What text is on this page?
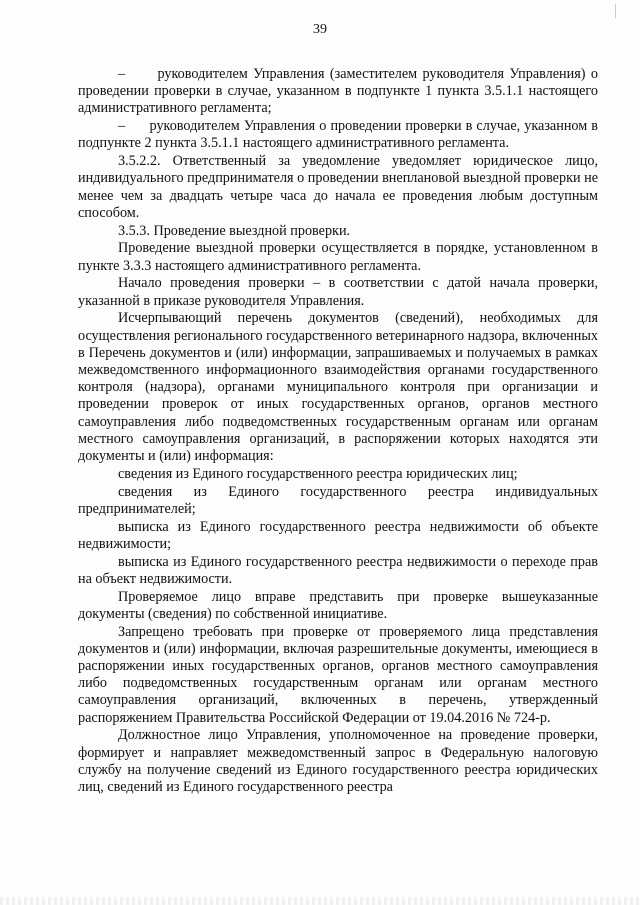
39

–      руководителем Управления (заместителем руководителя Управления) о проведении проверки в случае, указанном в подпункте 1 пункта 3.5.1.1 настоящего административного регламента;

–      руководителем Управления о проведении проверки в случае, указанном в подпункте 2 пункта 3.5.1.1 настоящего административного регламента.

3.5.2.2. Ответственный за уведомление уведомляет юридическое лицо, индивидуального предпринимателя о проведении внеплановой выездной проверки не менее чем за двадцать четыре часа до начала ее проведения любым доступным способом.

3.5.3. Проведение выездной проверки.

Проведение выездной проверки осуществляется в порядке, установленном в пункте 3.3.3 настоящего административного регламента.

Начало проведения проверки – в соответствии с датой начала проверки, указанной в приказе руководителя Управления.

Исчерпывающий перечень документов (сведений), необходимых для осуществления регионального государственного ветеринарного надзора, включенных в Перечень документов и (или) информации, запрашиваемых и получаемых в рамках межведомственного информационного взаимодействия органами государственного контроля (надзора), органами муниципального контроля при организации и проведении проверок от иных государственных органов, органов местного самоуправления либо подведомственных государственным органам или органам местного самоуправления организаций, в распоряжении которых находятся эти документы и (или) информация:

сведения из Единого государственного реестра юридических лиц;

сведения из Единого государственного реестра индивидуальных предпринимателей;

выписка из Единого государственного реестра недвижимости об объекте недвижимости;

выписка из Единого государственного реестра недвижимости о переходе прав на объект недвижимости.

Проверяемое лицо вправе представить при проверке вышеуказанные документы (сведения) по собственной инициативе.

Запрещено требовать при проверке от проверяемого лица представления документов и (или) информации, включая разрешительные документы, имеющиеся в распоряжении иных государственных органов, органов местного самоуправления либо подведомственных государственным органам или органам местного самоуправления организаций, включенных в перечень, утвержденный распоряжением Правительства Российской Федерации от 19.04.2016 № 724-р.

Должностное лицо Управления, уполномоченное на проведение проверки, формирует и направляет межведомственный запрос в Федеральную налоговую службу на получение сведений из Единого государственного реестра юридических лиц, сведений из Единого государственного реестра
